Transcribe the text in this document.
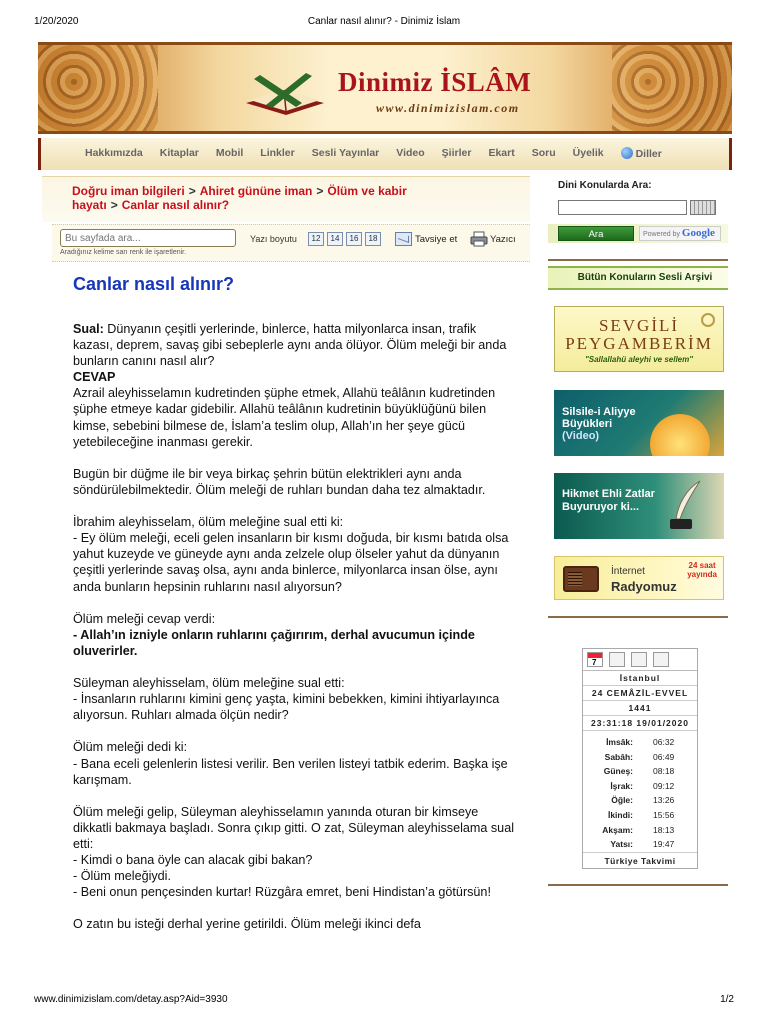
1/20/2020	Canlar nasıl alınır? - Dinimiz İslam
Dinimiz İSLÂM
www.dinimizislam.com
Hakkımızda Kitaplar Mobil Linkler Sesli Yayınlar Video Şiirler Ekart Soru Üyelik	Diller
Doğru iman bilgileri > Ahiret gününe iman > Ölüm ve kabir hayatı > Canlar nasıl alınır?
Bu sayfada ara...
Aradığınız kelime sarı renk ile işaretlenir.
Yazı boyutu	12	14	16	18	Tavsiye et	Yazıcı
Canlar nasıl alınır?

Sual: Dünyanın çeşitli yerlerinde, binlerce, hatta milyonlarca insan, trafik kazası, deprem, savaş gibi sebeplerle aynı anda ölüyor. Ölüm meleği bir anda bunların canını nasıl alır?

CEVAP

Azrail aleyhisselamın kudretinden şüphe etmek, Allahü teâlânın kudretinden şüphe etmeye kadar gidebilir. Allahü teâlânın kudretinin büyüklüğünü bilen kimse, sebebini bilmese de, İslam’a teslim olup, Allah’ın her şeye gücü yetebileceğine inanması gerekir.

Bugün bir düğme ile bir veya birkaç şehrin bütün elektrikleri aynı anda söndürülebilmektedir. Ölüm meleği de ruhları bundan daha tez almaktadır.

İbrahim aleyhisselam, ölüm meleğine sual etti ki:

- Ey ölüm meleği, eceli gelen insanların bir kısmı doğuda, bir kısmı batıda olsa yahut kuzeyde ve güneyde aynı anda zelzele olup ölseler yahut da dünyanın çeşitli yerlerinde savaş olsa, aynı anda binlerce, milyonlarca insan ölse, aynı anda bunların hepsinin ruhlarını nasıl alıyorsun?

Ölüm meleği cevap verdi:

- Allah’ın izniyle onların ruhlarını çağırırım, derhal avucumun içinde oluverirler.

Süleyman aleyhisselam, ölüm meleğine sual etti:

- İnsanların ruhlarını kimini genç yaşta, kimini bebekken, kimini ihtiyarlayınca alıyorsun. Ruhları almada ölçün nedir?

Ölüm meleği dedi ki:

- Bana eceli gelenlerin listesi verilir. Ben verilen listeyi tatbik ederim. Başka işe karışmam.

Ölüm meleği gelip, Süleyman aleyhisselamın yanında oturan bir kimseye dikkatli bakmaya başladı. Sonra çıkıp gitti. O zat, Süleyman aleyhisselama sual etti:

- Kimdi o bana öyle can alacak gibi bakan?

- Ölüm meleğiydi.

- Beni onun pençesinden kurtar! Rüzgâra emret, beni Hindistan’a götürsün!

O zatın bu isteği derhal yerine getirildi. Ölüm meleği ikinci defa

Dini Konularda Ara:
Ara	Powered by Google
Bütün Konuların Sesli Arşivi
SEVGİLİ
PEYGAMBERİM
"Sallallahü aleyhi ve sellem"
Silsile-i Aliyye
Büyükleri
(Video)
Hikmet Ehli Zatlar
Buyuruyor ki...
İnternet
Radyomuz
24 saat
yayında
7
İstanbul
24 CEMÂZİL-EVVEL
1441
23:31:18 19/01/2020
İmsâk: 06:32
Sabâh: 06:49
Güneş: 08:18
İşrak: 09:12
Öğle: 13:26
İkindi: 15:56
Akşam: 18:13
Yatsı: 19:47
Türkiye Takvimi
www.dinimizislam.com/detay.asp?Aid=3930	1/2
